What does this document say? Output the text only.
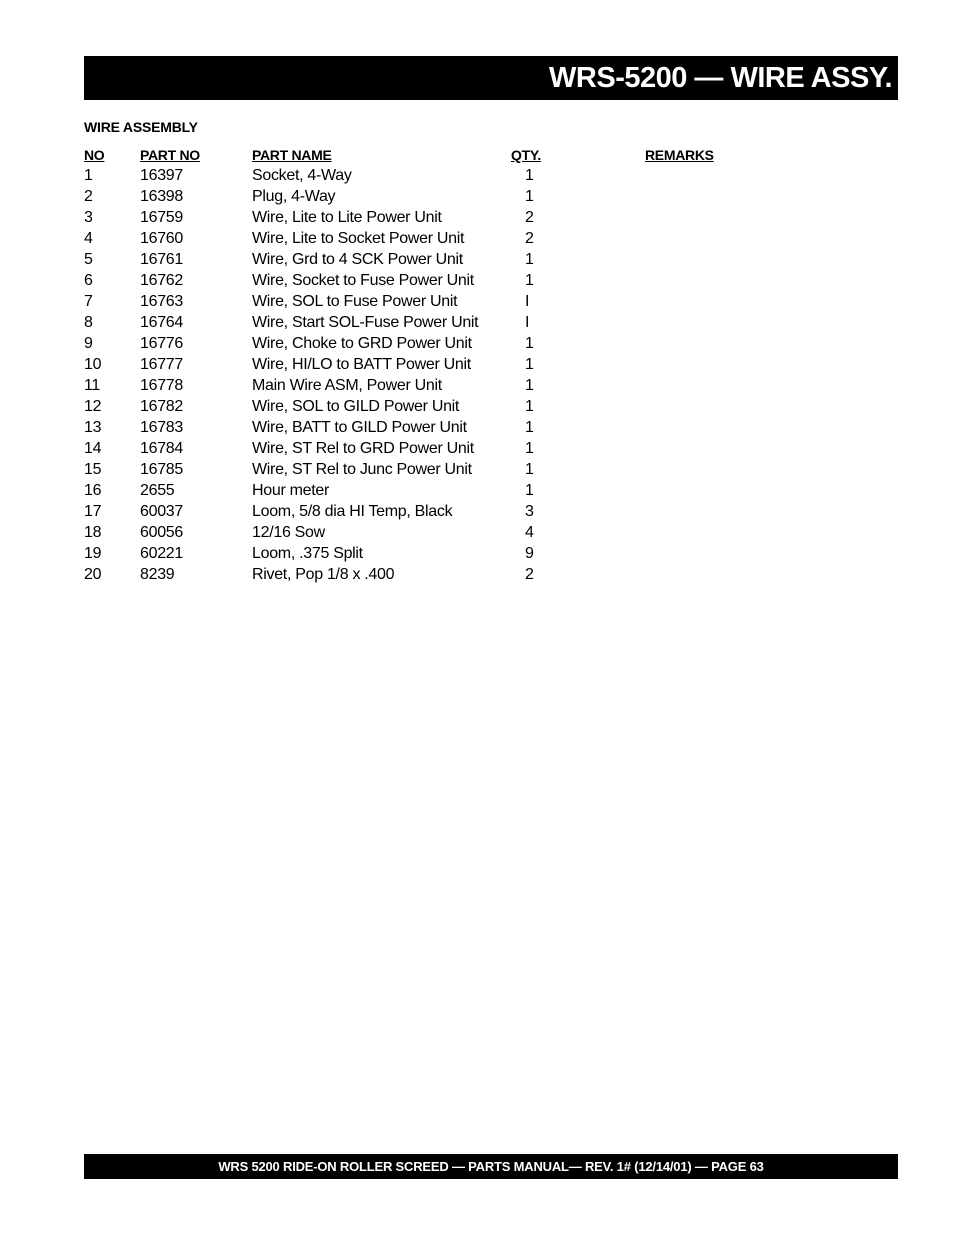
WRS-5200 — WIRE ASSY.
WIRE ASSEMBLY
NO	PART NO	PART NAME	QTY.	REMARKS
1	16397	Socket, 4-Way	1	
2	16398	Plug, 4-Way	1	
3	16759	Wire, Lite to Lite Power Unit	2	
4	16760	Wire, Lite to Socket Power Unit	2	
5	16761	Wire, Grd to 4 SCK Power Unit	1	
6	16762	Wire, Socket to Fuse Power Unit	1	
7	16763	Wire, SOL to Fuse Power Unit	I	
8	16764	Wire, Start SOL-Fuse Power Unit	I	
9	16776	Wire, Choke to GRD Power Unit	1	
10	16777	Wire, HI/LO to BATT Power Unit	1	
11	16778	Main Wire ASM, Power Unit	1	
12	16782	Wire, SOL to GILD Power Unit	1	
13	16783	Wire, BATT to GILD Power Unit	1	
14	16784	Wire, ST Rel to GRD Power Unit	1	
15	16785	Wire, ST Rel to Junc Power Unit	1	
16	2655	Hour meter	1	
17	60037	Loom, 5/8 dia HI Temp, Black	3	
18	60056	12/16 Sow	4	
19	60221	Loom, .375 Split	9	
20	8239	Rivet, Pop 1/8 x .400	2	
WRS 5200 RIDE-ON ROLLER SCREED — PARTS MANUAL— REV. 1# (12/14/01) — PAGE 63
